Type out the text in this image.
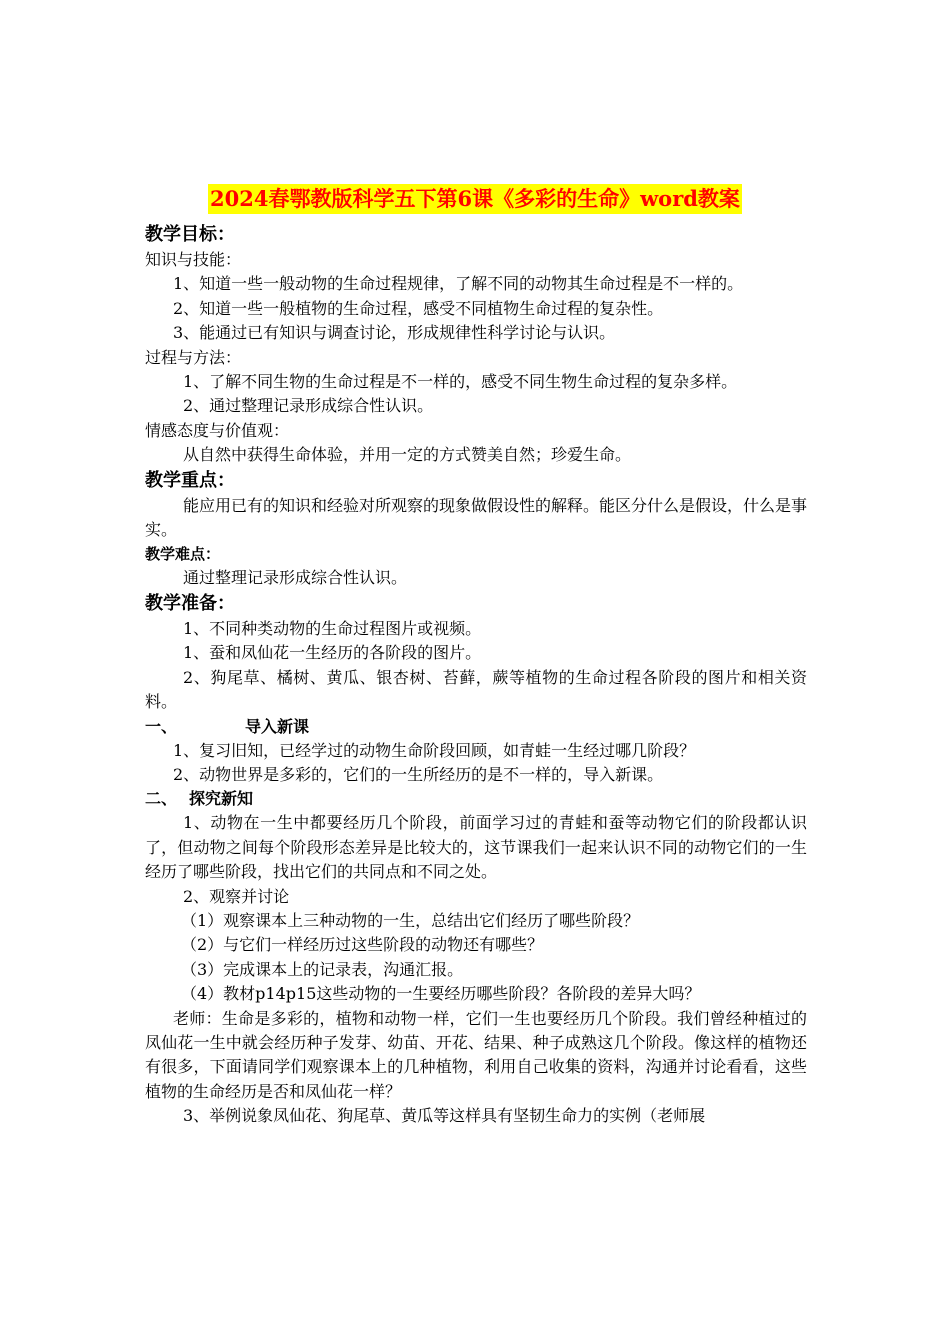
2024春鄂教版科学五下第6课《多彩的生命》word教案

教学目标：

知识与技能：

1、知道一些一般动物的生命过程规律，了解不同的动物其生命过程是不一样的。

2、知道一些一般植物的生命过程，感受不同植物生命过程的复杂性。

3、能通过已有知识与调查讨论，形成规律性科学讨论与认识。

过程与方法：

1、了解不同生物的生命过程是不一样的，感受不同生物生命过程的复杂多样。

2、通过整理记录形成综合性认识。

情感态度与价值观：

从自然中获得生命体验，并用一定的方式赞美自然；珍爱生命。

教学重点：

能应用已有的知识和经验对所观察的现象做假设性的解释。能区分什么是假设，什么是事实。

教学难点：

通过整理记录形成综合性认识。

教学准备：

1、不同种类动物的生命过程图片或视频。

1、蚕和凤仙花一生经历的各阶段的图片。

2、狗尾草、橘树、黄瓜、银杏树、苔藓，蕨等植物的生命过程各阶段的图片和相关资料。

一、	导入新课

1、复习旧知，已经学过的动物生命阶段回顾，如青蛙一生经过哪几阶段？

2、动物世界是多彩的，它们的一生所经历的是不一样的，导入新课。

二、 探究新知

1、动物在一生中都要经历几个阶段，前面学习过的青蛙和蚕等动物它们的阶段都认识了，但动物之间每个阶段形态差异是比较大的，这节课我们一起来认识不同的动物它们的一生经历了哪些阶段，找出它们的共同点和不同之处。

2、观察并讨论

（1）观察课本上三种动物的一生，总结出它们经历了哪些阶段？

（2）与它们一样经历过这些阶段的动物还有哪些？

（3）完成课本上的记录表，沟通汇报。

（4）教材p14p15这些动物的一生要经历哪些阶段？各阶段的差异大吗？

老师：生命是多彩的，植物和动物一样，它们一生也要经历几个阶段。我们曾经种植过的凤仙花一生中就会经历种子发芽、幼苗、开花、结果、种子成熟这几个阶段。像这样的植物还有很多，下面请同学们观察课本上的几种植物，利用自己收集的资料，沟通并讨论看看，这些植物的生命经历是否和凤仙花一样？

3、举例说象凤仙花、狗尾草、黄瓜等这样具有坚韧生命力的实例（老师展
